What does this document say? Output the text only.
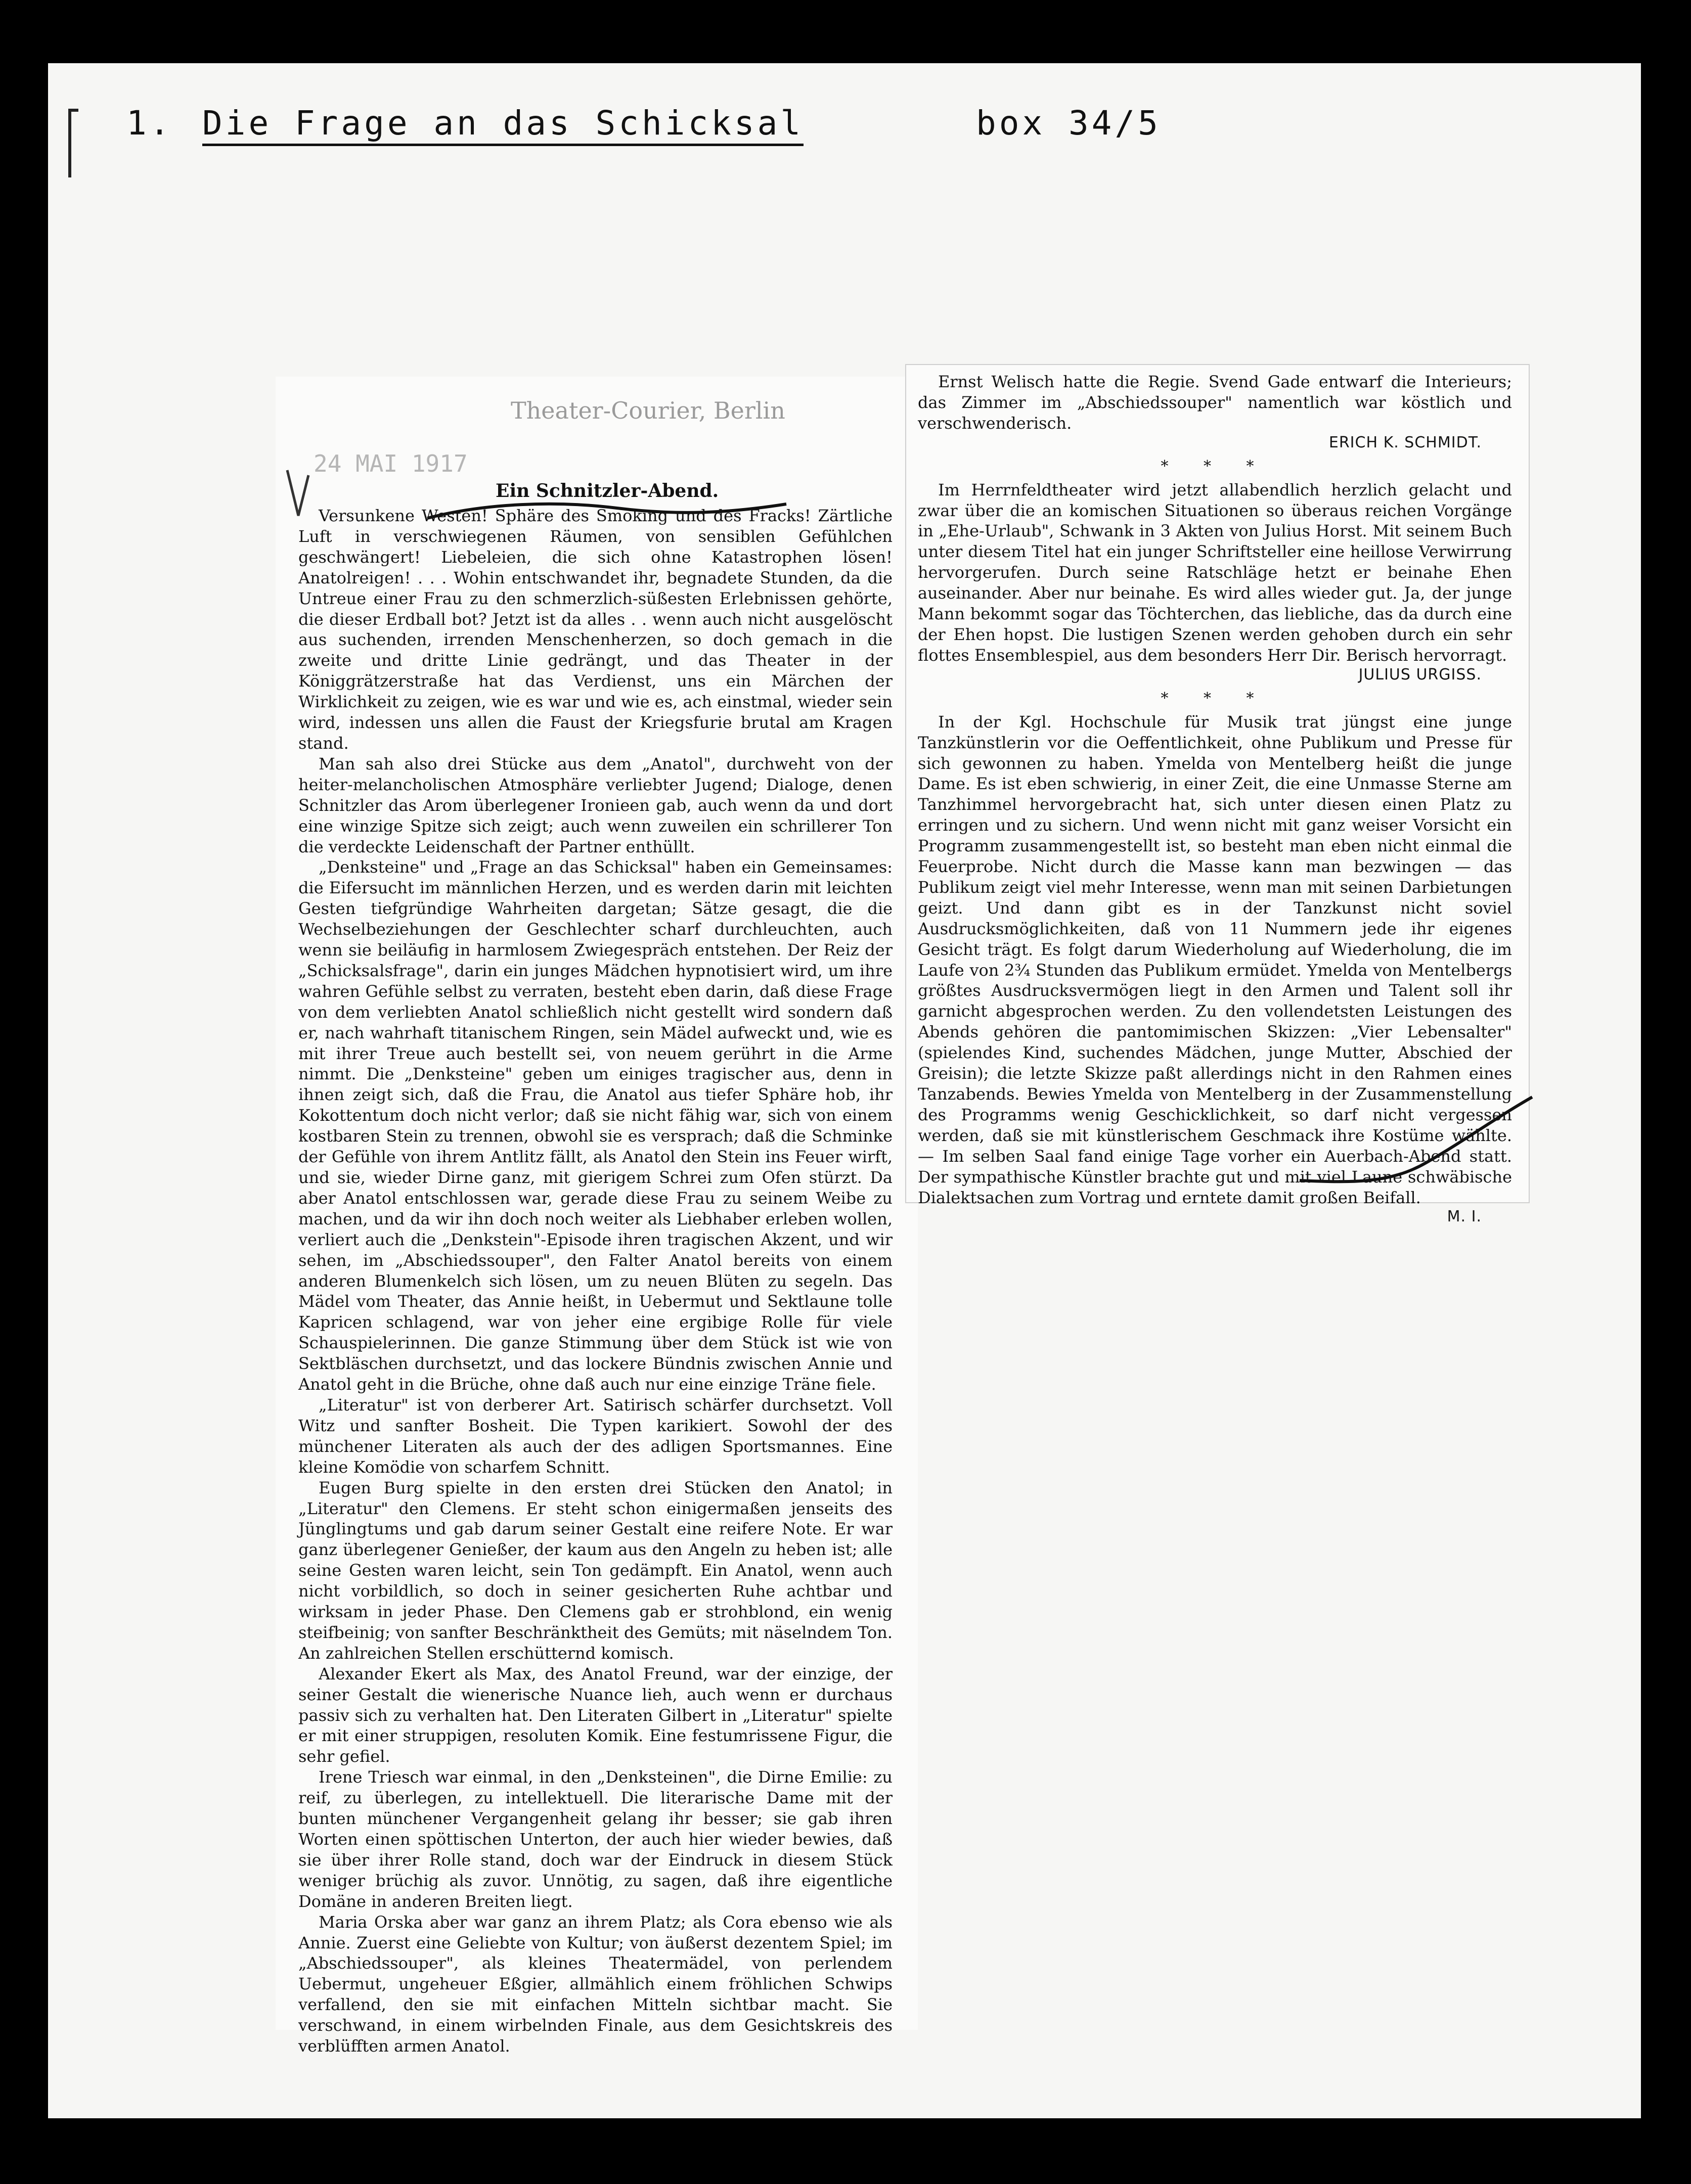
1. Die Frage an das Schicksal	box 34/5
Theater-Courier, Berlin
24 MAI 1917
Ein Schnitzler-Abend.

Versunkene Westen! Sphäre des Smoking und des Fracks! Zärtliche Luft in verschwiegenen Räumen, von sensiblen Gefühlchen geschwängert! Liebeleien, die sich ohne Katastrophen lösen! Anatolreigen! . . . Wohin entschwandet ihr, begnadete Stunden, da die Untreue einer Frau zu den schmerzlich-süßesten Erlebnissen gehörte, die dieser Erdball bot? Jetzt ist da alles . . wenn auch nicht ausgelöscht aus suchenden, irrenden Menschenherzen, so doch gemach in die zweite und dritte Linie gedrängt, und das Theater in der Königgrätzerstraße hat das Verdienst, uns ein Märchen der Wirklichkeit zu zeigen, wie es war und wie es, ach einstmal, wieder sein wird, indessen uns allen die Faust der Kriegsfurie brutal am Kragen stand.

Man sah also drei Stücke aus dem „Anatol", durchweht von der heiter-melancholischen Atmosphäre verliebter Jugend; Dialoge, denen Schnitzler das Arom überlegener Ironieen gab, auch wenn da und dort eine winzige Spitze sich zeigt; auch wenn zuweilen ein schrillerer Ton die verdeckte Leidenschaft der Partner enthüllt.

„Denksteine" und „Frage an das Schicksal" haben ein Gemeinsames: die Eifersucht im männlichen Herzen, und es werden darin mit leichten Gesten tiefgründige Wahrheiten dargetan; Sätze gesagt, die die Wechselbeziehungen der Geschlechter scharf durchleuchten, auch wenn sie beiläufig in harmlosem Zwiegespräch entstehen. Der Reiz der „Schicksalsfrage", darin ein junges Mädchen hypnotisiert wird, um ihre wahren Gefühle selbst zu verraten, besteht eben darin, daß diese Frage von dem verliebten Anatol schließlich nicht gestellt wird sondern daß er, nach wahrhaft titanischem Ringen, sein Mädel aufweckt und, wie es mit ihrer Treue auch bestellt sei, von neuem gerührt in die Arme nimmt. Die „Denksteine" geben um einiges tragischer aus, denn in ihnen zeigt sich, daß die Frau, die Anatol aus tiefer Sphäre hob, ihr Kokottentum doch nicht verlor; daß sie nicht fähig war, sich von einem kostbaren Stein zu trennen, obwohl sie es versprach; daß die Schminke der Gefühle von ihrem Antlitz fällt, als Anatol den Stein ins Feuer wirft, und sie, wieder Dirne ganz, mit gierigem Schrei zum Ofen stürzt. Da aber Anatol entschlossen war, gerade diese Frau zu seinem Weibe zu machen, und da wir ihn doch noch weiter als Liebhaber erleben wollen, verliert auch die „Denkstein"-Episode ihren tragischen Akzent, und wir sehen, im „Abschiedssouper", den Falter Anatol bereits von einem anderen Blumenkelch sich lösen, um zu neuen Blüten zu segeln. Das Mädel vom Theater, das Annie heißt, in Uebermut und Sektlaune tolle Kapricen schlagend, war von jeher eine ergibige Rolle für viele Schauspielerinnen. Die ganze Stimmung über dem Stück ist wie von Sektbläschen durchsetzt, und das lockere Bündnis zwischen Annie und Anatol geht in die Brüche, ohne daß auch nur eine einzige Träne fiele.

„Literatur" ist von derberer Art. Satirisch schärfer durchsetzt. Voll Witz und sanfter Bosheit. Die Typen karikiert. Sowohl der des münchener Literaten als auch der des adligen Sportsmannes. Eine kleine Komödie von scharfem Schnitt.

Eugen Burg spielte in den ersten drei Stücken den Anatol; in „Literatur" den Clemens. Er steht schon einigermaßen jenseits des Jünglingtums und gab darum seiner Gestalt eine reifere Note. Er war ganz überlegener Genießer, der kaum aus den Angeln zu heben ist; alle seine Gesten waren leicht, sein Ton gedämpft. Ein Anatol, wenn auch nicht vorbildlich, so doch in seiner gesicherten Ruhe achtbar und wirksam in jeder Phase. Den Clemens gab er strohblond, ein wenig steifbeinig; von sanfter Beschränktheit des Gemüts; mit näselndem Ton. An zahlreichen Stellen erschütternd komisch.

Alexander Ekert als Max, des Anatol Freund, war der einzige, der seiner Gestalt die wienerische Nuance lieh, auch wenn er durchaus passiv sich zu verhalten hat. Den Literaten Gilbert in „Literatur" spielte er mit einer struppigen, resoluten Komik. Eine festumrissene Figur, die sehr gefiel.

Irene Triesch war einmal, in den „Denksteinen", die Dirne Emilie: zu reif, zu überlegen, zu intellektuell. Die literarische Dame mit der bunten münchener Vergangenheit gelang ihr besser; sie gab ihren Worten einen spöttischen Unterton, der auch hier wieder bewies, daß sie über ihrer Rolle stand, doch war der Eindruck in diesem Stück weniger brüchig als zuvor. Unnötig, zu sagen, daß ihre eigentliche Domäne in anderen Breiten liegt.

Maria Orska aber war ganz an ihrem Platz; als Cora ebenso wie als Annie. Zuerst eine Geliebte von Kultur; von äußerst dezentem Spiel; im „Abschiedssouper", als kleines Theatermädel, von perlendem Uebermut, ungeheuer Eßgier, allmählich einem fröhlichen Schwips verfallend, den sie mit einfachen Mitteln sichtbar macht. Sie verschwand, in einem wirbelnden Finale, aus dem Gesichtskreis des verblüfften armen Anatol.

Ernst Welisch hatte die Regie. Svend Gade entwarf die Interieurs; das Zimmer im „Abschiedssouper" namentlich war köstlich und verschwenderisch.

ERICH K. SCHMIDT.
* * *

Im Herrnfeldtheater wird jetzt allabendlich herzlich gelacht und zwar über die an komischen Situationen so überaus reichen Vorgänge in „Ehe-Urlaub", Schwank in 3 Akten von Julius Horst. Mit seinem Buch unter diesem Titel hat ein junger Schriftsteller eine heillose Verwirrung hervorgerufen. Durch seine Ratschläge hetzt er beinahe Ehen auseinander. Aber nur beinahe. Es wird alles wieder gut. Ja, der junge Mann bekommt sogar das Töchterchen, das liebliche, das da durch eine der Ehen hopst. Die lustigen Szenen werden gehoben durch ein sehr flottes Ensemblespiel, aus dem besonders Herr Dir. Berisch hervorragt.

JULIUS URGISS.
* * *

In der Kgl. Hochschule für Musik trat jüngst eine junge Tanzkünstlerin vor die Oeffentlichkeit, ohne Publikum und Presse für sich gewonnen zu haben. Ymelda von Mentelberg heißt die junge Dame. Es ist eben schwierig, in einer Zeit, die eine Unmasse Sterne am Tanzhimmel hervorgebracht hat, sich unter diesen einen Platz zu erringen und zu sichern. Und wenn nicht mit ganz weiser Vorsicht ein Programm zusammengestellt ist, so besteht man eben nicht einmal die Feuerprobe. Nicht durch die Masse kann man bezwingen — das Publikum zeigt viel mehr Interesse, wenn man mit seinen Darbietungen geizt. Und dann gibt es in der Tanzkunst nicht soviel Ausdrucksmöglichkeiten, daß von 11 Nummern jede ihr eigenes Gesicht trägt. Es folgt darum Wiederholung auf Wiederholung, die im Laufe von 2¾ Stunden das Publikum ermüdet. Ymelda von Mentelbergs größtes Ausdrucksvermögen liegt in den Armen und Talent soll ihr garnicht abgesprochen werden. Zu den vollendetsten Leistungen des Abends gehören die pantomimischen Skizzen: „Vier Lebensalter" (spielendes Kind, suchendes Mädchen, junge Mutter, Abschied der Greisin); die letzte Skizze paßt allerdings nicht in den Rahmen eines Tanzabends. Bewies Ymelda von Mentelberg in der Zusammenstellung des Programms wenig Geschicklichkeit, so darf nicht vergessen werden, daß sie mit künstlerischem Geschmack ihre Kostüme wählte. — Im selben Saal fand einige Tage vorher ein Auerbach-Abend statt. Der sympathische Künstler brachte gut und mit viel Laune schwäbische Dialektsachen zum Vortrag und erntete damit großen Beifall.

M. I.
